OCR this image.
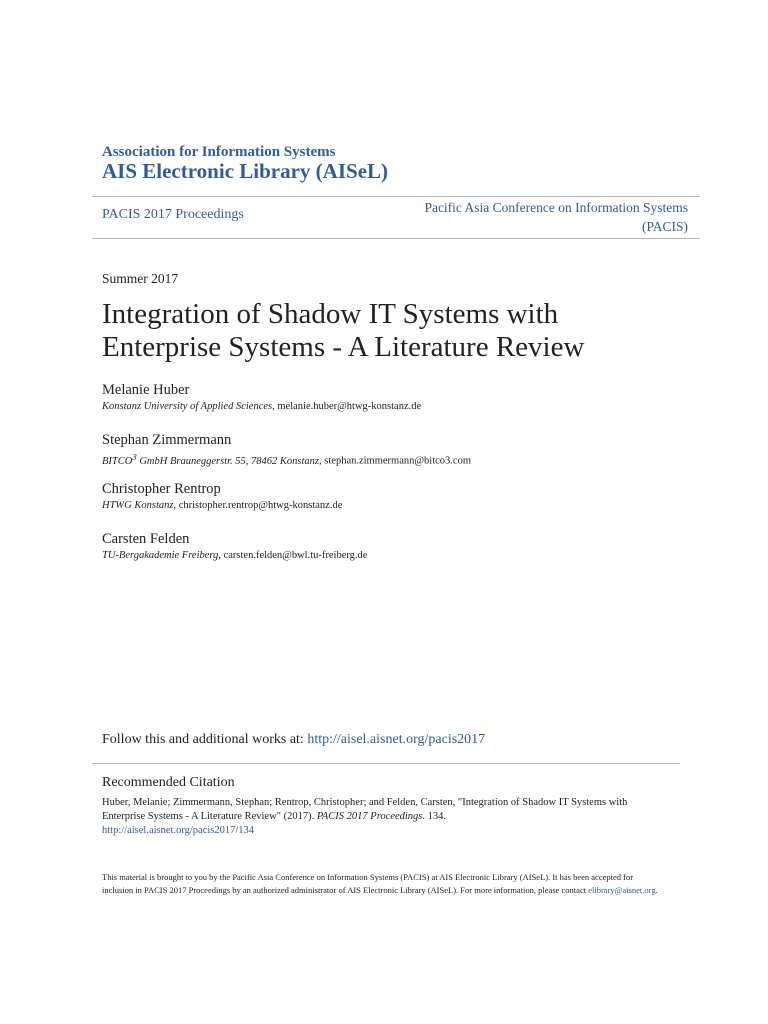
Association for Information Systems
AIS Electronic Library (AISeL)
PACIS 2017 Proceedings	Pacific Asia Conference on Information Systems
(PACIS)
Summer 2017
Integration of Shadow IT Systems with Enterprise Systems - A Literature Review
Melanie Huber
Konstanz University of Applied Sciences, melanie.huber@htwg-konstanz.de
Stephan Zimmermann
BITCO$^3$ GmbH Brauneggerstr. 55, 78462 Konstanz, stephan.zimmermann@bitco3.com
Christopher Rentrop
HTWG Konstanz, christopher.rentrop@htwg-konstanz.de
Carsten Felden
TU-Bergakademie Freiberg, carsten.felden@bwl.tu-freiberg.de
Follow this and additional works at: http://aisel.aisnet.org/pacis2017
Recommended Citation
Huber, Melanie; Zimmermann, Stephan; Rentrop, Christopher; and Felden, Carsten, "Integration of Shadow IT Systems with Enterprise Systems - A Literature Review" (2017). PACIS 2017 Proceedings. 134.
http://aisel.aisnet.org/pacis2017/134
This material is brought to you by the Pacific Asia Conference on Information Systems (PACIS) at AIS Electronic Library (AISeL). It has been accepted for inclusion in PACIS 2017 Proceedings by an authorized administrator of AIS Electronic Library (AISeL). For more information, please contact elibrary@aisnet.org.
